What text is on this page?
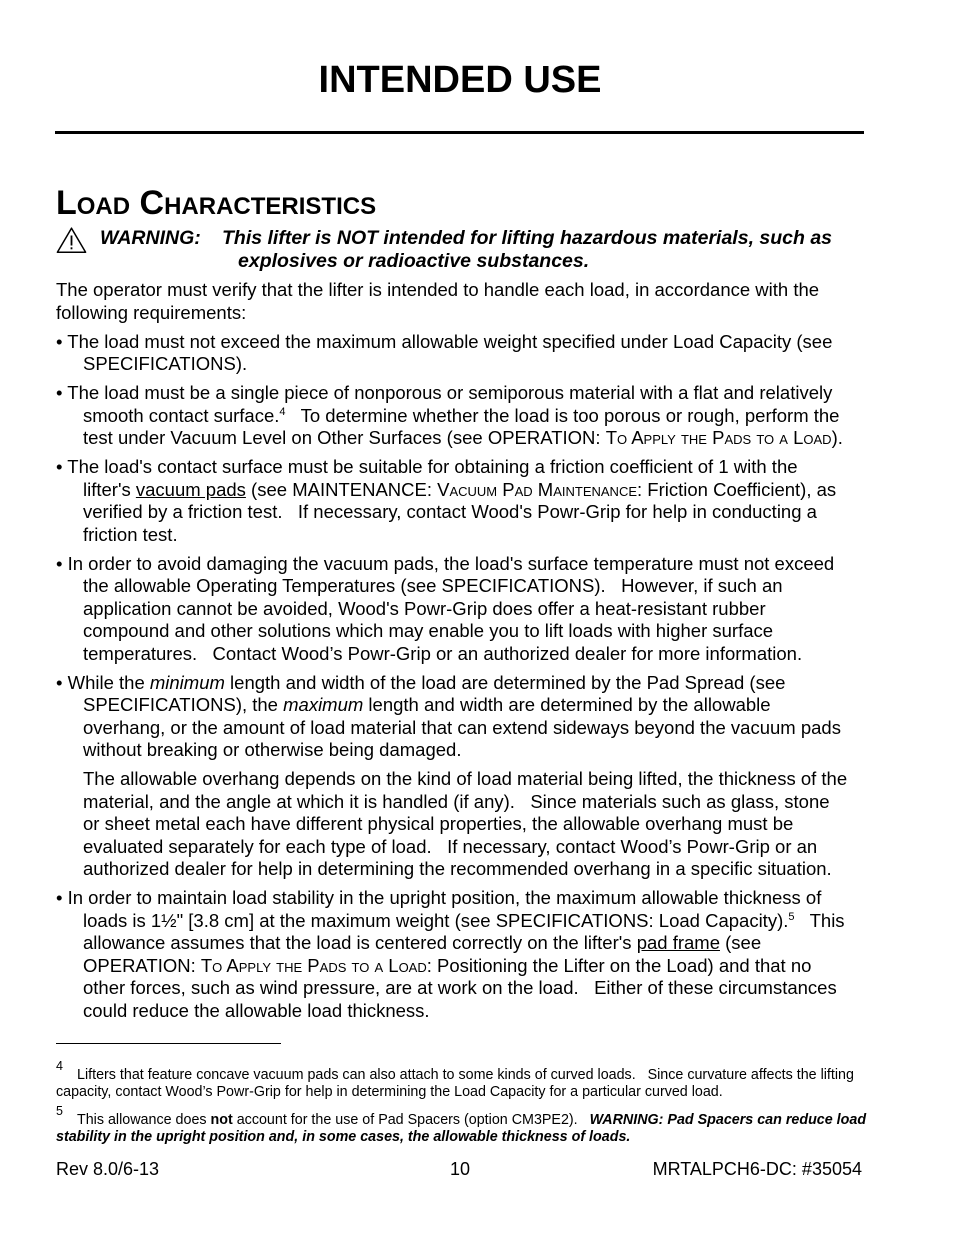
INTENDED USE
Load Characteristics
WARNING: This lifter is NOT intended for lifting hazardous materials, such as
explosives or radioactive substances.
The operator must verify that the lifter is intended to handle each load, in accordance with the
following requirements:
• The load must not exceed the maximum allowable weight specified under Load Capacity (see
SPECIFICATIONS).
• The load must be a single piece of nonporous or semiporous material with a flat and relatively
smooth contact surface.$^4$   To determine whether the load is too porous or rough, perform the
test under Vacuum Level on Other Surfaces (see OPERATION: To Apply the Pads to a Load).
• The load's contact surface must be suitable for obtaining a friction coefficient of 1 with the
lifter's vacuum pads (see MAINTENANCE: Vacuum Pad Maintenance: Friction Coefficient), as
verified by a friction test.   If necessary, contact Wood's Powr-Grip for help in conducting a
friction test.
• In order to avoid damaging the vacuum pads, the load's surface temperature must not exceed
the allowable Operating Temperatures (see SPECIFICATIONS).   However, if such an
application cannot be avoided, Wood's Powr-Grip does offer a heat-resistant rubber
compound and other solutions which may enable you to lift loads with higher surface
temperatures.   Contact Wood’s Powr-Grip or an authorized dealer for more information.
• While the minimum length and width of the load are determined by the Pad Spread (see
SPECIFICATIONS), the maximum length and width are determined by the allowable
overhang, or the amount of load material that can extend sideways beyond the vacuum pads
without breaking or otherwise being damaged.
The allowable overhang depends on the kind of load material being lifted, the thickness of the
material, and the angle at which it is handled (if any).   Since materials such as glass, stone
or sheet metal each have different physical properties, the allowable overhang must be
evaluated separately for each type of load.   If necessary, contact Wood’s Powr-Grip or an
authorized dealer for help in determining the recommended overhang in a specific situation.
• In order to maintain load stability in the upright position, the maximum allowable thickness of
loads is 1½" [3.8 cm] at the maximum weight (see SPECIFICATIONS: Load Capacity).$^5$   This
allowance assumes that the load is centered correctly on the lifter's pad frame (see
OPERATION: To Apply the Pads to a Load: Positioning the Lifter on the Load) and that no
other forces, such as wind pressure, are at work on the load.   Either of these circumstances
could reduce the allowable load thickness.
4
Lifters that feature concave vacuum pads can also attach to some kinds of curved loads.   Since curvature affects the lifting
capacity, contact Wood’s Powr-Grip for help in determining the Load Capacity for a particular curved load.
5
This allowance does not account for the use of Pad Spacers (option CM3PE2).   WARNING: Pad Spacers can reduce load
stability in the upright position and, in some cases, the allowable thickness of loads.
Rev 8.0/6-13	10	MRTALPCH6-DC: #35054
